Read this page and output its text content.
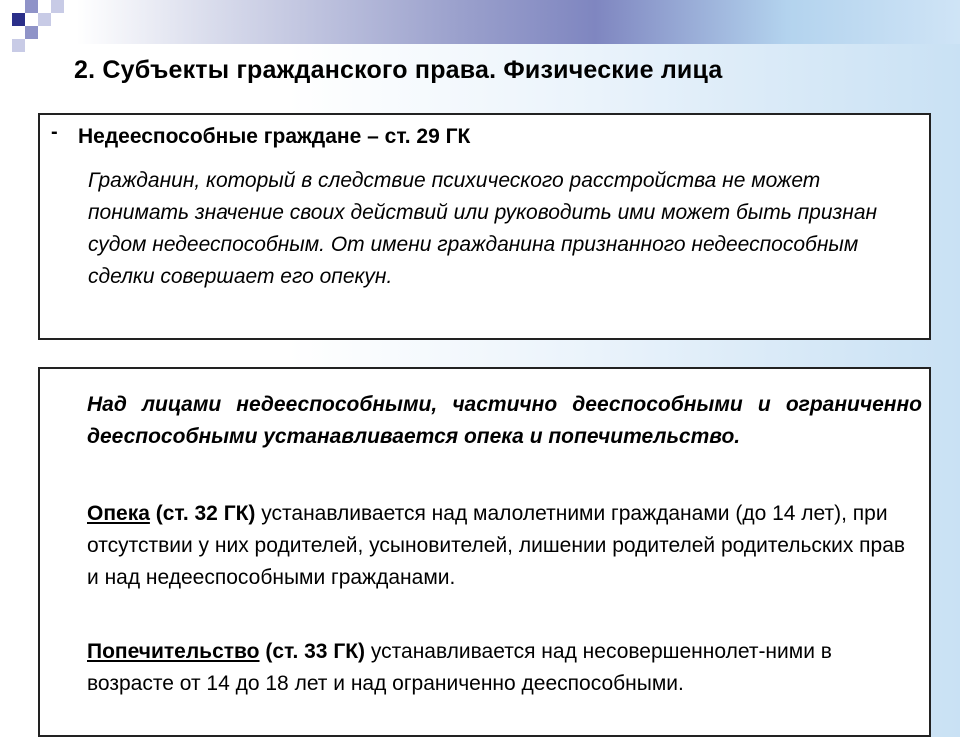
2. Субъекты гражданского права. Физические лица
- Недееспособные граждане – ст. 29 ГК
Гражданин, который в следствие психического расстройства не может понимать значение своих действий или руководить ими может быть признан судом недееспособным. От имени гражданина признанного недееспособным сделки совершает его опекун.
Над лицами недееспособными, частично дееспособными и ограниченно дееспособными устанавливается опека и попечительство.
Опека (ст. 32 ГК) устанавливается над малолетними гражданами (до 14 лет), при отсутствии у них родителей, усыновителей, лишении родителей родительских прав и над недееспособными гражданами.
Попечительство (ст. 33 ГК) устанавливается над несовершеннолет-ними в возрасте от 14 до 18 лет и над ограниченно дееспособными.
